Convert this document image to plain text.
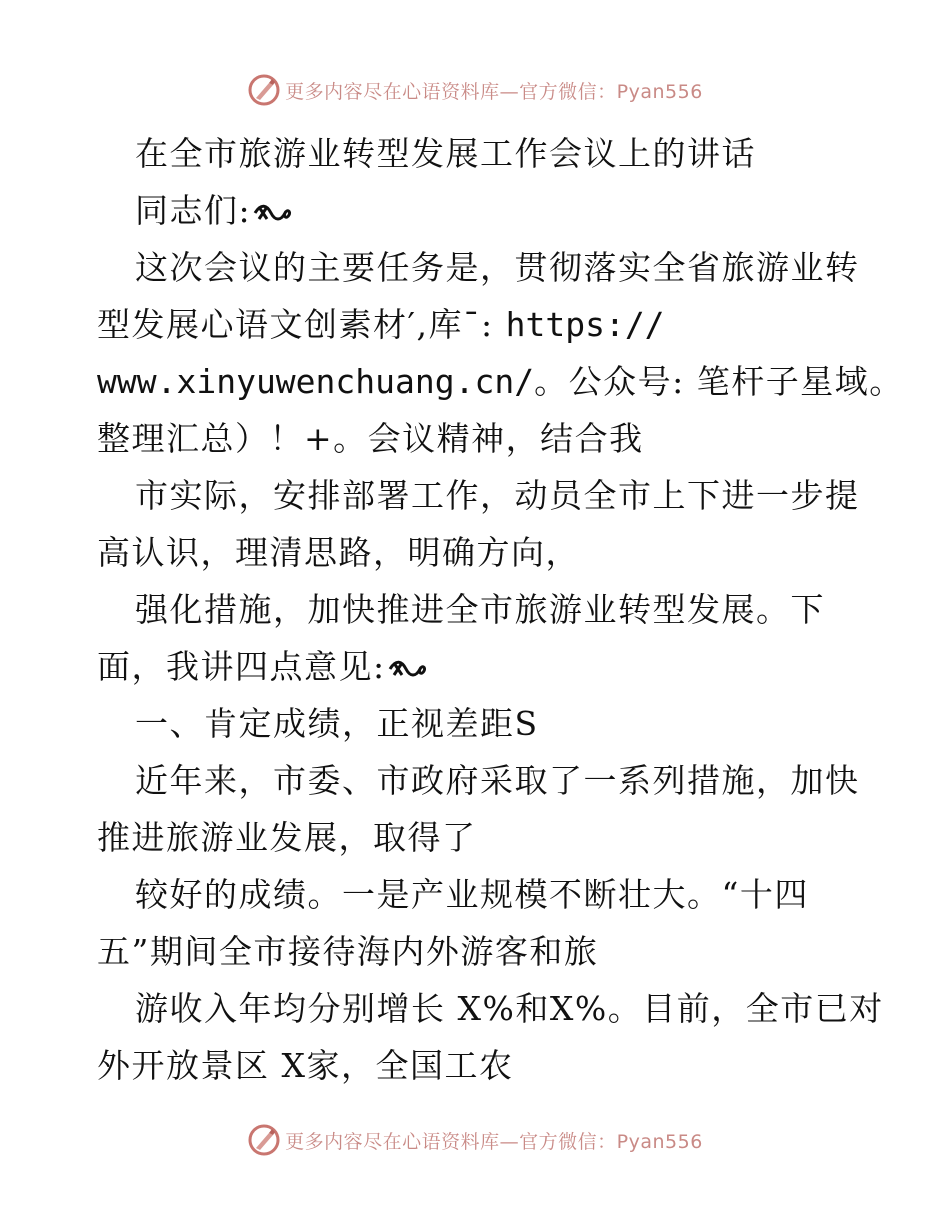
更多内容尽在心语资料库—官方微信：Pyan556
在全市旅游业转型发展工作会议上的讲话
同志们:
这次会议的主要任务是，贯彻落实全省旅游业转
型发展心语文创素材′,库¯: https://
www.xinyuwenchuang.cn/。公众号: 笔杆子星域。
整理汇总）！+。会议精神，结合我
市实际，安排部署工作，动员全市上下进一步提
高认识，理清思路，明确方向，
强化措施，加快推进全市旅游业转型发展。下
面，我讲四点意见:
一、肯定成绩，正视差距S
近年来，市委、市政府采取了一系列措施，加快
推进旅游业发展，取得了
较好的成绩。一是产业规模不断壮大。“十四
五”期间全市接待海内外游客和旅
游收入年均分别增长 X%和X%。目前，全市已对
外开放景区 X家，全国工农
更多内容尽在心语资料库—官方微信：Pyan556
